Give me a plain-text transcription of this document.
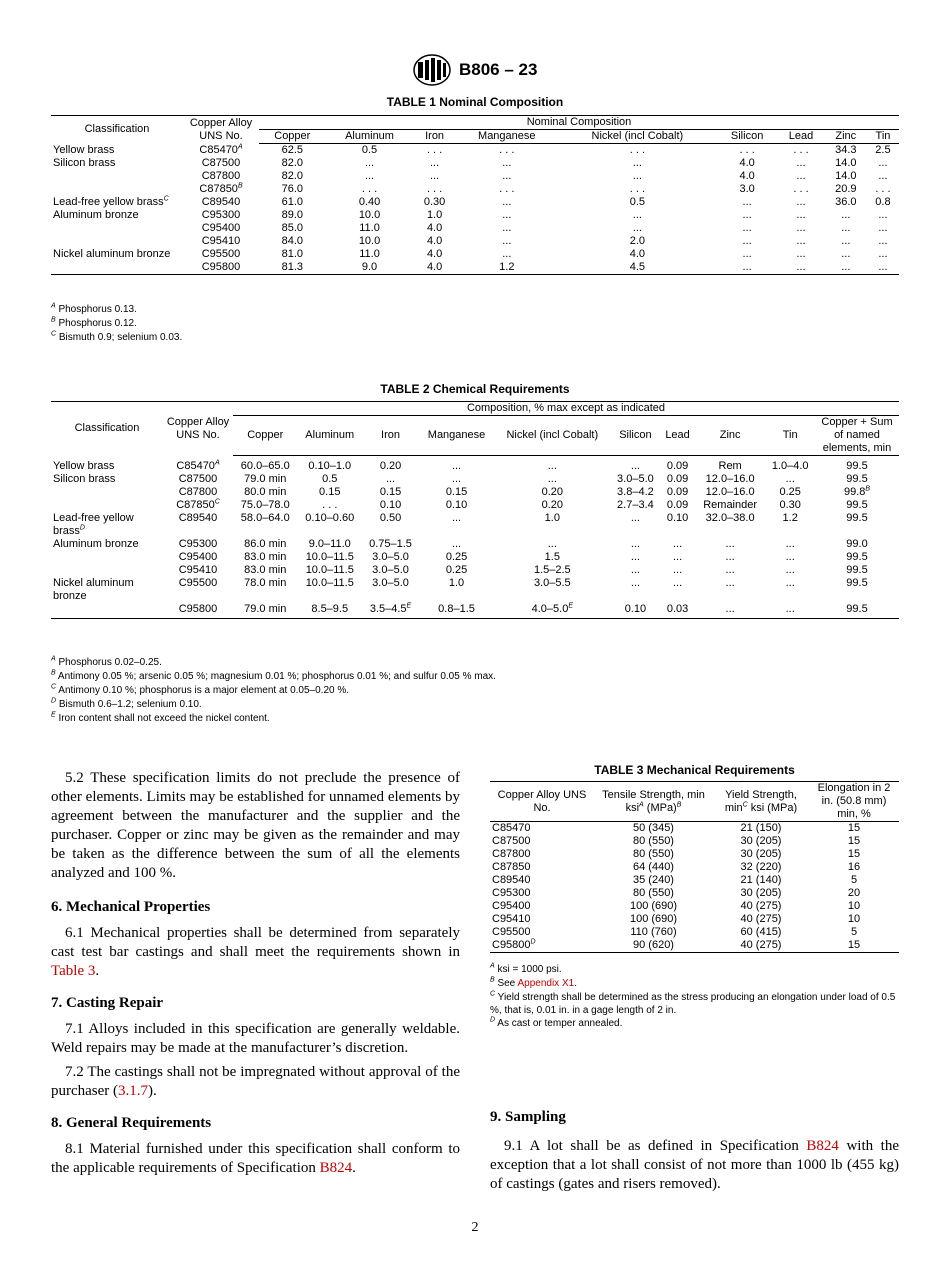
B806 – 23
TABLE 1 Nominal Composition
Classification	Copper Alloy UNS No.	Nominal Composition								
		Copper	Aluminum	Iron	Manganese	Nickel (incl Cobalt)	Silicon	Lead	Zinc	Tin
Yellow brass	$C85470^A$	62.5	0.5	. . .	. . .	. . .	. . .	. . .	34.3	2.5
Silicon brass	C87500	82.0	...	...	...	...	4.0	...	14.0	...
	C87800	82.0	...	...	...	...	4.0	...	14.0	...
	$C87850^B$	76.0	. . .	. . .	. . .	. . .	3.0	. . .	20.9	. . .
Lead-free yellow brass$^C$	C89540	61.0	0.40	0.30	...	0.5	...	...	36.0	0.8
Aluminum bronze	C95300	89.0	10.0	1.0	...	...	...	...	...	...
	C95400	85.0	11.0	4.0	...	...	...	...	...	...
	C95410	84.0	10.0	4.0	...	2.0	...	...	...	...
Nickel aluminum bronze	C95500	81.0	11.0	4.0	...	4.0	...	...	...	...
	C95800	81.3	9.0	4.0	1.2	4.5	...	...	...	...
$^A$ Phosphorus 0.13.
$^B$ Phosphorus 0.12.
$^C$ Bismuth 0.9; selenium 0.03.
TABLE 2 Chemical Requirements
Classification	Copper Alloy UNS No.	Composition, % max except as indicated									
		Copper	Aluminum	Iron	Manganese	Nickel (incl Cobalt)	Silicon	Lead	Zinc	Tin	Copper + Sum of named elements, min
Yellow brass	$C85470^A$	60.0–65.0	0.10–1.0	0.20	...	...	...	0.09	Rem	1.0–4.0	99.5
Silicon brass	C87500	79.0 min	0.5	...	...	...	3.0–5.0	0.09	12.0–16.0	...	99.5
	C87800	80.0 min	0.15	0.15	0.15	0.20	3.8–4.2	0.09	12.0–16.0	0.25	$99.8^B$
	$C87850^C$	75.0–78.0	. . .	0.10	0.10	0.20	2.7–3.4	0.09	Remainder	0.30	99.5
Lead-free yellow brass$^D$	C89540	58.0–64.0	0.10–0.60	0.50	...	1.0	...	0.10	32.0–38.0	1.2	99.5
Aluminum bronze	C95300	86.0 min	9.0–11.0	0.75–1.5	...	...	...	...	...	...	99.0
	C95400	83.0 min	10.0–11.5	3.0–5.0	0.25	1.5	...	...	...	...	99.5
	C95410	83.0 min	10.0–11.5	3.0–5.0	0.25	1.5–2.5	...	...	...	...	99.5
Nickel aluminum bronze	C95500	78.0 min	10.0–11.5	3.0–5.0	1.0	3.0–5.5	...	...	...	...	99.5
	C95800	79.0 min	8.5–9.5	$3.5-4.5^E$	0.8–1.5	$4.0-5.0^E$	0.10	0.03	...	...	99.5
$^A$ Phosphorus 0.02–0.25.
$^B$ Antimony 0.05 %; arsenic 0.05 %; magnesium 0.01 %; phosphorus 0.01 %; and sulfur 0.05 % max.
$^C$ Antimony 0.10 %; phosphorus is a major element at 0.05–0.20 %.
$^D$ Bismuth 0.6–1.2; selenium 0.10.
$^E$ Iron content shall not exceed the nickel content.

5.2 These specification limits do not preclude the presence of other elements. Limits may be established for unnamed elements by agreement between the manufacturer and the supplier and the purchaser. Copper or zinc may be given as the remainder and may be taken as the difference between the sum of all the elements analyzed and 100 %.

6. Mechanical Properties

6.1 Mechanical properties shall be determined from separately cast test bar castings and shall meet the requirements shown in Table 3.

7. Casting Repair

7.1 Alloys included in this specification are generally weldable. Weld repairs may be made at the manufacturer’s discretion.

7.2 The castings shall not be impregnated without approval of the purchaser (3.1.7).

8. General Requirements

8.1 Material furnished under this specification shall conform to the applicable requirements of Specification B824.

TABLE 3 Mechanical Requirements
Copper Alloy UNS No.	Tensile Strength, min ksi$^A$ (MPa)$^B$	Yield Strength, $\min^C$ ksi (MPa)	Elongation in 2 in. (50.8 mm) min, %
C85470	50 (345)	21 (150)	15
C87500	80 (550)	30 (205)	15
C87800	80 (550)	30 (205)	15
C87850	64 (440)	32 (220)	16
C89540	35 (240)	21 (140)	5
C95300	80 (550)	30 (205)	20
C95400	100 (690)	40 (275)	10
C95410	100 (690)	40 (275)	10
C95500	110 (760)	60 (415)	5
$C95800^D$	90 (620)	40 (275)	15
$^A$ ksi = 1000 psi.
$^B$ See Appendix X1.
$^C$ Yield strength shall be determined as the stress producing an elongation under load of 0.5 %, that is, 0.01 in. in a gage length of 2 in.
$^D$ As cast or temper annealed.
9. Sampling

9.1 A lot shall be as defined in Specification B824 with the exception that a lot shall consist of not more than 1000 lb (455 kg) of castings (gates and risers removed).

2
